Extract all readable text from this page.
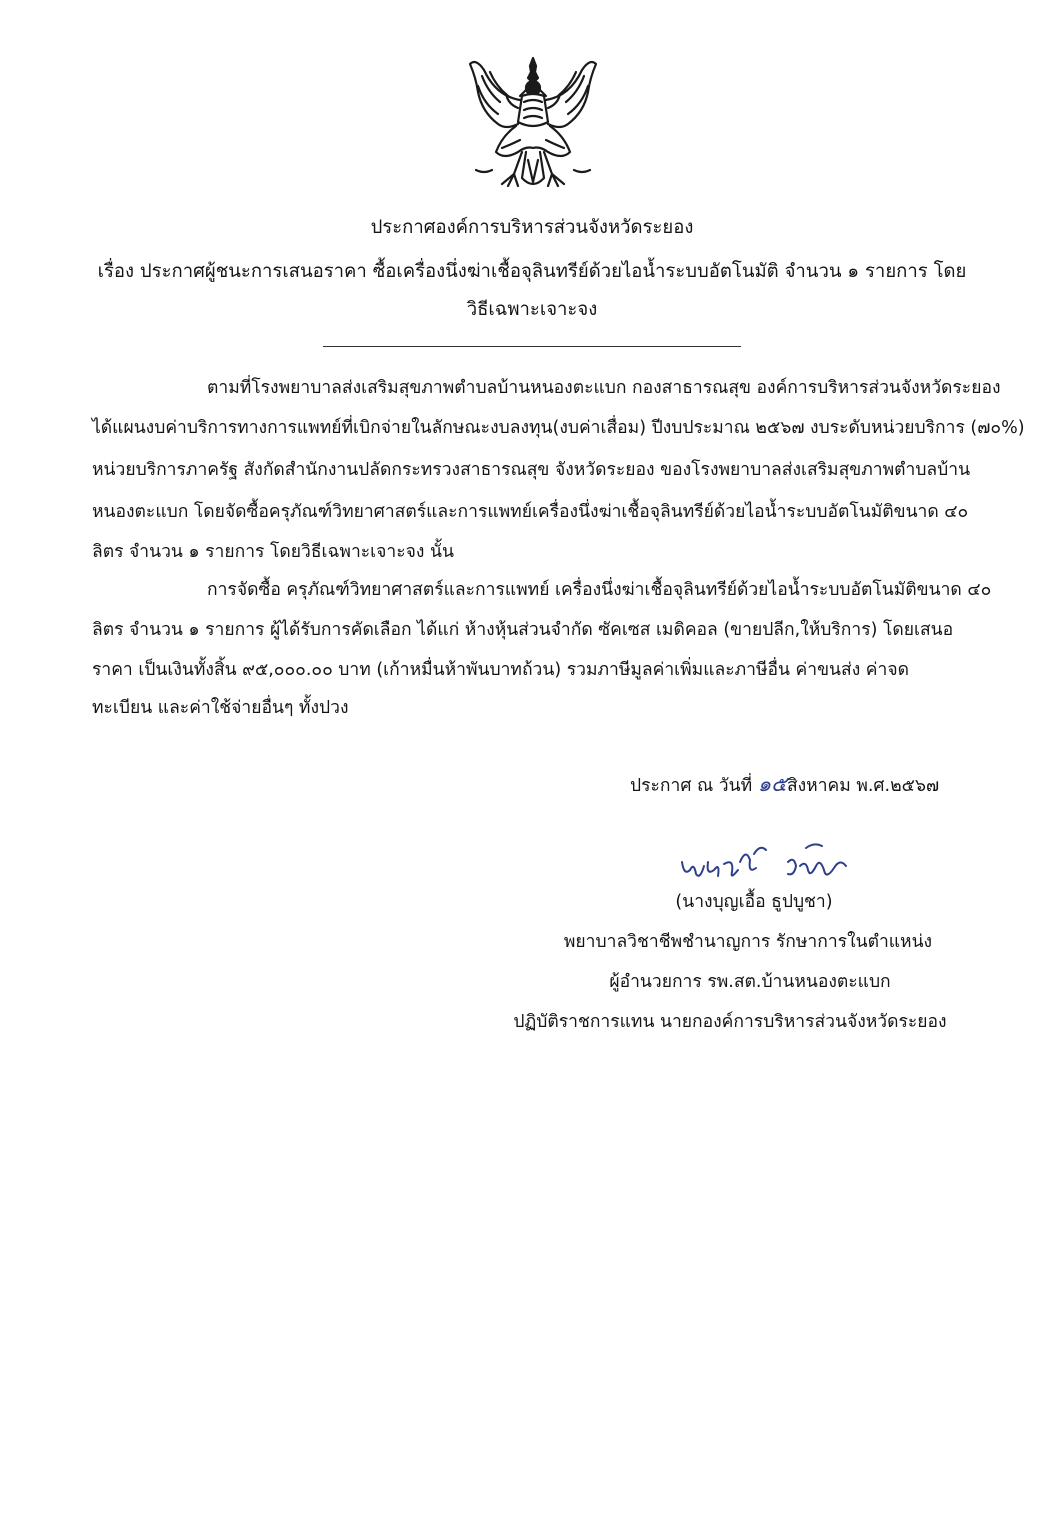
ประกาศองค์การบริหารส่วนจังหวัดระยอง
เรื่อง ประกาศผู้ชนะการเสนอราคา ซื้อเครื่องนึ่งฆ่าเชื้อจุลินทรีย์ด้วยไอน้ำระบบอัตโนมัติ จำนวน ๑ รายการ โดย
วิธีเฉพาะเจาะจง
ตามที่โรงพยาบาลส่งเสริมสุขภาพตำบลบ้านหนองตะแบก กองสาธารณสุข องค์การบริหารส่วนจังหวัดระยอง
ได้แผนงบค่าบริการทางการแพทย์ที่เบิกจ่ายในลักษณะงบลงทุน(งบค่าเสื่อม) ปีงบประมาณ ๒๕๖๗ งบระดับหน่วยบริการ (๗๐%)
หน่วยบริการภาครัฐ สังกัดสำนักงานปลัดกระทรวงสาธารณสุข จังหวัดระยอง ของโรงพยาบาลส่งเสริมสุขภาพตำบลบ้าน
หนองตะแบก โดยจัดซื้อครุภัณฑ์วิทยาศาสตร์และการแพทย์เครื่องนึ่งฆ่าเชื้อจุลินทรีย์ด้วยไอน้ำระบบอัตโนมัติขนาด ๔๐
ลิตร จำนวน ๑ รายการ โดยวิธีเฉพาะเจาะจง นั้น
การจัดซื้อ ครุภัณฑ์วิทยาศาสตร์และการแพทย์ เครื่องนึ่งฆ่าเชื้อจุลินทรีย์ด้วยไอน้ำระบบอัตโนมัติขนาด ๔๐
ลิตร จำนวน ๑ รายการ ผู้ได้รับการคัดเลือก ได้แก่ ห้างหุ้นส่วนจำกัด ซัคเซส เมดิคอล (ขายปลีก,ให้บริการ) โดยเสนอ
ราคา เป็นเงินทั้งสิ้น ๙๕,๐๐๐.๐๐ บาท (เก้าหมื่นห้าพันบาทถ้วน) รวมภาษีมูลค่าเพิ่มและภาษีอื่น ค่าขนส่ง ค่าจด
ทะเบียน และค่าใช้จ่ายอื่นๆ ทั้งปวง
ประกาศ ณ วันที่ ๑๕สิงหาคม พ.ศ.๒๕๖๗
(นางบุญเอื้อ ธูปบูชา)
พยาบาลวิชาชีพชำนาญการ รักษาการในตำแหน่ง
ผู้อำนวยการ รพ.สต.บ้านหนองตะแบก
ปฏิบัติราชการแทน นายกองค์การบริหารส่วนจังหวัดระยอง
